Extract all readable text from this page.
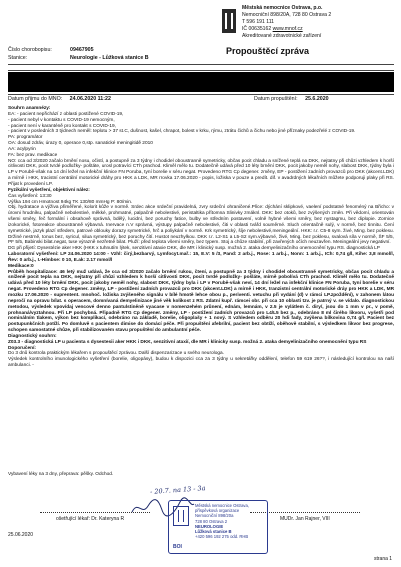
Městská nemocnice Ostrava, p.o.
Nemocniční 898/20A, 728 80 Ostrava 2
T 596 191 111
IČ 00635162 www.mnof.cz
Akreditované zdravotnické zařízení
Číslo chorobopisu:	09467905
Stanice:	Neurologie - Lůžková stanice B
Propouštěcí zpráva
Datum přijmu do MNO: 24.06.2020 11:22	Datum propuštění: 25.6.2020

Souhrn anamnézy:

EA: - pacient nepřichází z oblasti postižené COVID-19,

- pacient nebyl v kontaktu s COVID-19 nemocným,

- pacient není v karanténě pro kontakt s COVID-19,

- pacient v posledních 3 týdnech neměl: teplotu > 37 st.C, dušnost, kašel, chrapot, bolest v krku, rýmu, ztrátu čichů a čichu nebo jiné příznaky podezřelé z COVID-19.

PA: programátor

OA: dosud zdráv, úrazy 0, operace 0,stp. sanatické meningitidě 2010

AA: acylpyrin

FA: bez prav. medikace

NO: cca od 3/2020 začalo brnění nosu, očistí, a postupně za 3 týdny i chodidel oboustranně symetricky, občas pocit chladu a snížené teplá na DKK, nejtatny při chůzi vzhledem k horší citlivosti DKK, pocit tvrdé podložky- poštáte, urosl potravíci CTh prachod. Kliměl mělo tu. Dodatečně udává před 10 léty brnění DKK, pocit jakoby neměl nohy, slabost DKK, týdny byla i LP v Porubě-však na 14 dní ležel na infekční klinice FN Poruba, tyní borelie v séru negat. Provedeno RTG Cp degener. změny, EP - postižení zadních provazců pro DKK (akcent.LDK) a mírně i HKK, tracistní centrální motorické dráhy pro HKK a LDK, MR rrovka 17.06.2020 - popis, ložiska v pouze a predít. dif. v avadrdných lékařních můžete podporuji plaky při RS. Přijat k provedení LP.

Fyzikální vyšetření, objektivní nález:

Čas vyšetření: 13:30

Výška 194 cm Hmotnost 94kg TK 130/80 mmHg P: 80/min.

Obj. hydratace a výživa přiměřené, kolorit kůže v normě. Srdec akce srdeční pravidelná, zvry srdeční ohraničené.Plíce: dýchání sklipkové, vaelení podstatné fenoméný na Břicho: v úrovni hrudníku, palpačně nebolestivé, měkké, prohmatné, palpačně nebolestivé, peristaltika přítomna Slinivky zmáknl. DKK: bez otoků, bez zvýšených změn. Při vědomí, orientován všemi směry, řeč formální i obsahově správná, bdělý, lucidní, bez poruchy fatice, bulby ve středním postavení, volně hybné všemi směry, bez nystagmu, bez diplopie. Zornice izokorické, fotoreakce oboustranně výbavná. Inervace n.V správná, výstupy palpačně nebolestivé, čiti v oblasti tvářd souměrné. Sluch orientačně sulý, v normě, bez tinnitu. Čení symetrické, jazyk plazí středem, patrové oblouky dorazy symetrické, hrč a poliykání v normě. Krk symetrický, šíje nebolestivé,meningeální. HKK: r.r. C5-8 sym. živé, Ming. bez poklesu. Držiné nestrně, tonus bez, syricul, silua symetrický, bez poruchy čití. Hustot neuzhylkou. DKK r.r. L2-S1 a L5-S2 sym.výbavné, živé, Ming. bez poklesu, svalová síla v normě, ŠF 5/5, PF 5/5, Babinski bilat.negat, tuse výrazně nezřetně bilat. Pluží: před teplota všemi směry, bez typem. Stoj a chůze stabilní, při zavřených očích neuzavřen. Meningeální jevy negativní.

DG při přijetí: Dysestézie aker HKK (HKK x tuhnutím lýtek, senzitivní ataxie DKK, dle MR i klinický susp. možná 2. ataka demyelinizačního onemocnění typu RS. diagnostická LP

Laboratorní vyšetření: LP 24.06.2020 14:00 - Vzhl: čirý,bezbarvý, Lymfocyt.mař.: 15, E.V: 5 /3, Pand: 2 arb.j., Rose: 1 arb.j., Nonn: 1 arb.j., ICh: 0,74 g/l, Kihe: 3,8 mmol/l, Řev: 0 arb.j., I.-Hímbse: 0 10, E.ak: 2.17 mmol/l

Medikace:0

Průběh hospitalizace: 46 letý muž udává, že cca od 3/2020 začalo brnění rukou, čtení, a postupně za 3 týdny i chodidel oboustranně symetricky, občas pocit chladu a sníženě pocit tepla na DKK, nejtatny při chůzi vzhledem k horší citlivosti DKK, pocit tvrdé podložky- pošláte, mírně pobolívá CTh prachod. Kliměl mělo tu. Dodatečně udává před 10 léty brnění DKK, pocit jakoby neměl nohy, slabost DKK, týdny byla i LP v Porubě-však neví, 14 dní ležel na infekční klinice FN Poruba, tyní borelie v séru negat. Provedeno RTG Cp degener. změny, LP - postižení zadních provazců pro DKK (akcent.LDK) a mírně i HKK, tranzistní centrální motorické dráy pro HKK a LDK, MR mozku 17.06.2020 - suprentent. mnohoč. ložiska zvýšeného signálu v bílé hmotě lehce obou p., periventi. vetuchu při vydání (d) v rámci LP.zpoždění), v zahonem látou nepročí na opravu bílat. s operacem, domnívaná demyelinizace jiné věk kolikost z RS. Zdatní kupř. rámcei obr. při cca 10 oblasti tzv. je patrný v. se vídalo. diagnostickou metodou, výsledek vpovídaj vencové denno pantulstiněně vyacase v nomenzehém průnení, ednám, lemnám, v 2.5 je vylátlem č. diry/, jsou do 1 mm v pr., v pomě, prohnaná/vyztahnou. Při LP pochybná. Připadně RTG Cp degener. změny, LP - postižení zadních provazců pro L4/L5 bez p., odebráno 8 ml čirého likvoru, vyšetři pod nominálním tlakem, výkon bez komplikací, odebráno na základě, borelie, oligoplašy + 1 nový. S vzhledem odběru 20 hdi fady, zvýšena bílkovina 0,74 g/l. Pacient bez postupunkčních potíží. Po domluvě s pacientem dimise do domácí péče. Při propuštění afebrilní, pacient bez obtíží, oběhově stabilní, s výsledkem likvor bez progrese, schopen samostatné chůze, při stabilizovaném stavu propuštění do ambulantní péče.

Diagnostický souhrn:

Z03.3 - diagnostická LP u pacienta s dysestesii aker HKK i DKK, senzitivní ataxií, dle MR i klinicky susp. možná 2. ataka demyelinizačního onemocnění typu RS

Doporučení:

Do 3 dnů kontrola praktickým lékařem s propouštěcí zprávou. Další dispenzarizace u svého neurologa.

Výsledek kontrolního imunologického vyšetření (borelie, oligopásy), budou k dispozici cca za 3 týdny u sekretářky oddělení, telefon 59 619 26??, i následující kontrolou na naší ambulanci. -

Vybavení léky na 3 dny, přeprava: pěšky. Odchod.
- 20.7. na 13 - 3a
ošetřující lékař: Dr. Kateryna R	MUDr. Jan Rajner, VIII
Městská nemocnice Ostrava,
příspěvková organizace
Nemocniční 898/20a
728 80 Ostrava 2
NEUROLOGIE
Lůžková stanice B
+420 596 192 275 odd. RHB
BOI
25.06.2020
strana 1
